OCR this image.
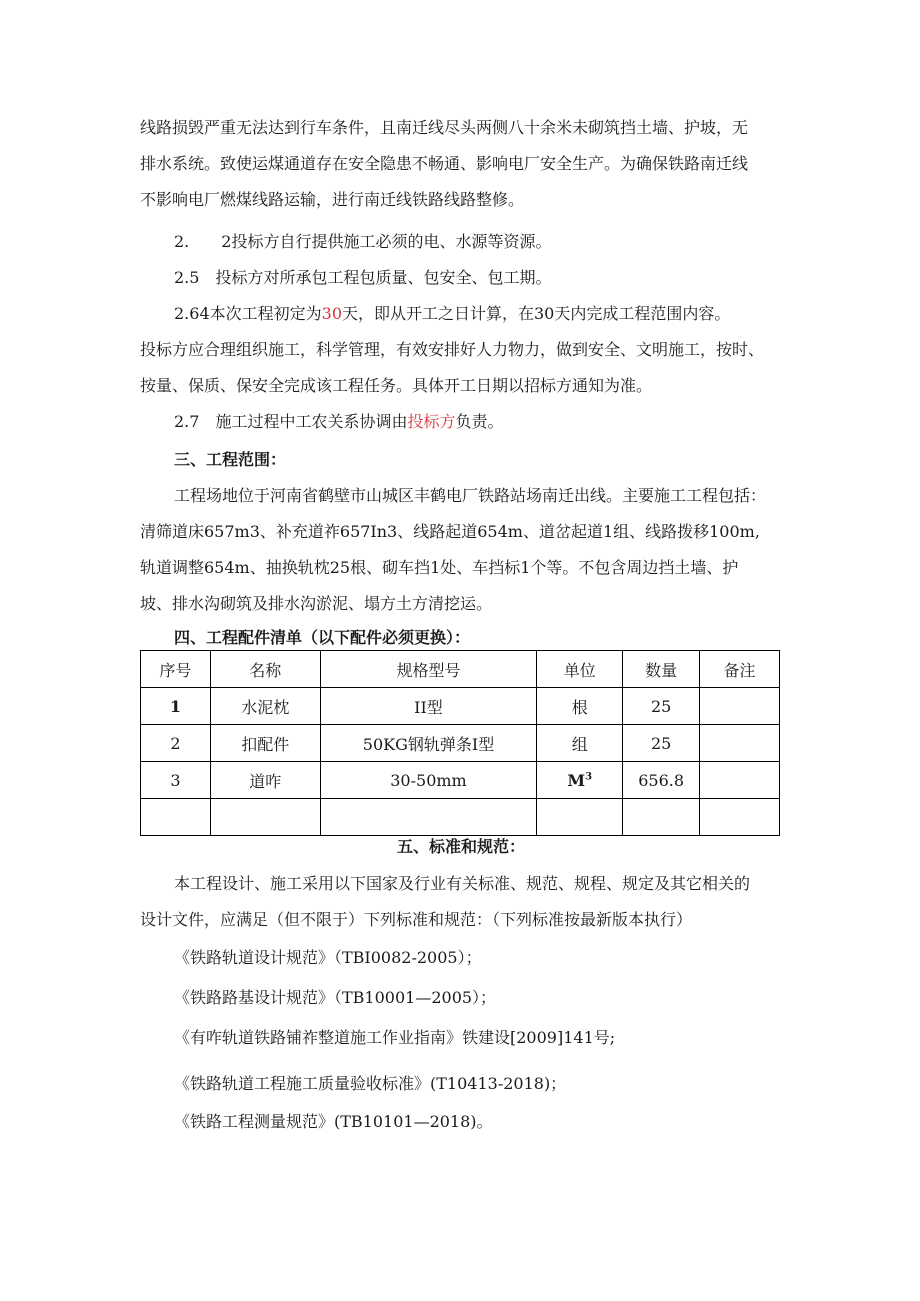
线路损毁严重无法达到行车条件，且南迁线尽头两侧八十余米未砌筑挡土墙、护坡，无

排水系统。致使运煤通道存在安全隐患不畅通、影响电厂安全生产。为确保铁路南迁线

不影响电厂燃煤线路运输，进行南迁线铁路线路整修。

2.　　2投标方自行提供施工必须的电、水源等资源。

2.5　投标方对所承包工程包质量、包安全、包工期。

2.64本次工程初定为30天，即从开工之日计算，在30天内完成工程范围内容。

投标方应合理组织施工，科学管理，有效安排好人力物力，做到安全、文明施工，按时、

按量、保质、保安全完成该工程任务。具体开工日期以招标方通知为准。

2.7　施工过程中工农关系协调由投标方负责。

三、工程范围：

工程场地位于河南省鹤壁市山城区丰鹤电厂铁路站场南迁出线。主要施工工程包括：

清筛道床657m3、补充道祚657In3、线路起道654m、道岔起道1组、线路拨移100m,

轨道调整654m、抽换轨枕25根、砌车挡1处、车挡标1个等。不包含周边挡土墙、护

坡、排水沟砌筑及排水沟淤泥、塌方土方清挖运。

四、工程配件清单（以下配件必须更换）：

序号	名称	规格型号	单位	数量	备注
1	水泥枕	II型	根	25	
2	扣配件	50KG钢轨弹条I型	组	25	
3	道咋	30-50mm	$M^3$	656.8	

五、标准和规范：

本工程设计、施工采用以下国家及行业有关标准、规范、规程、规定及其它相关的

设计文件，应满足（但不限于）下列标准和规范：（下列标准按最新版本执行）

《铁路轨道设计规范》（TBI0082-2005）；

《铁路路基设计规范》（TB10001—2005）；

《有咋轨道铁路铺祚整道施工作业指南》铁建设[2009]141号;

《铁路轨道工程施工质量验收标准》(T10413-2018)；

《铁路工程测量规范》(TB10101—2018)。
